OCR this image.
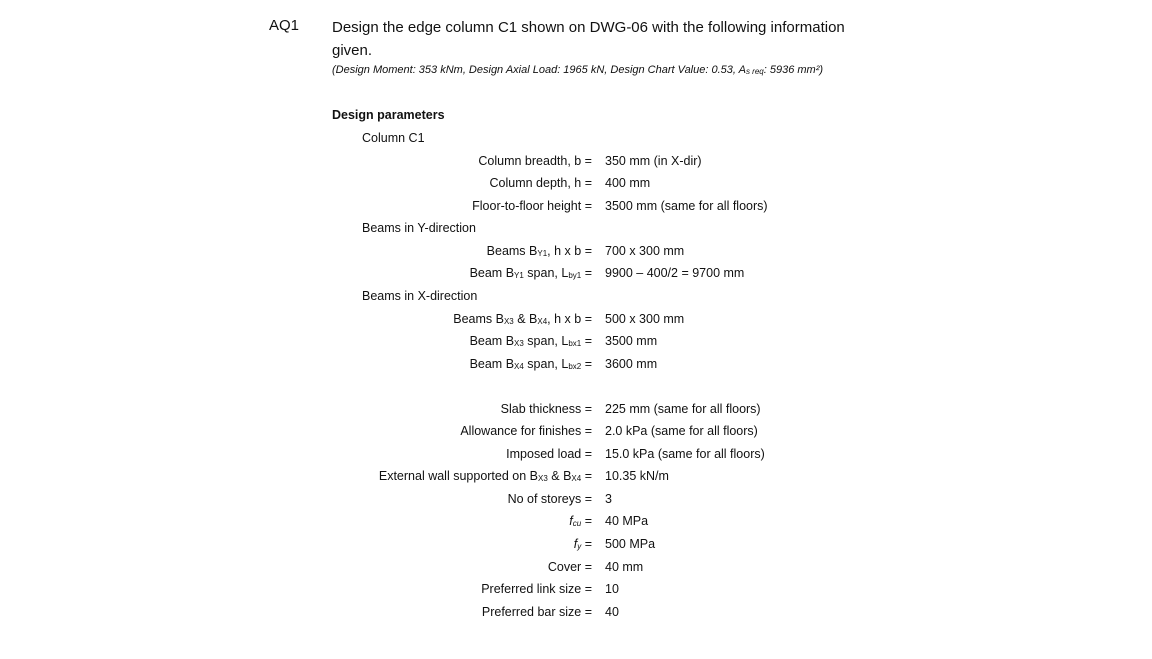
AQ1 Design the edge column C1 shown on DWG-06 with the following information given.
(Design Moment: 353 kNm, Design Axial Load: 1965 kN, Design Chart Value: 0.53, $A_{s req}$: 5936 mm²)
Design parameters
Column C1
Column breadth, b = 350 mm (in X-dir)
Column depth, h = 400 mm
Floor-to-floor height = 3500 mm (same for all floors)
Beams in Y-direction
Beams $B_{Y1}$, h x b = 700 x 300 mm
Beam $B_{Y1}$ span, $L_{by1} = 9900 - 400/2 = 9700$ mm
Beams in X-direction
Beams $B_{X3}$ & $B_{X4}$, h x b = 500 x 300 mm
Beam $B_{X3}$ span, $L_{bx1} = 3500$ mm
Beam $B_{X4}$ span, $L_{bx2} = 3600$ mm
Slab thickness = 225 mm (same for all floors)
Allowance for finishes = 2.0 kPa (same for all floors)
Imposed load = 15.0 kPa (same for all floors)
External wall supported on $B_{X3}$ & $B_{X4} = 10.35$ kN/m
No of storeys = 3
$f_{cu} = 40$ MPa
$f_y = 500$ MPa
Cover = 40 mm
Preferred link size = 10
Preferred bar size = 40
